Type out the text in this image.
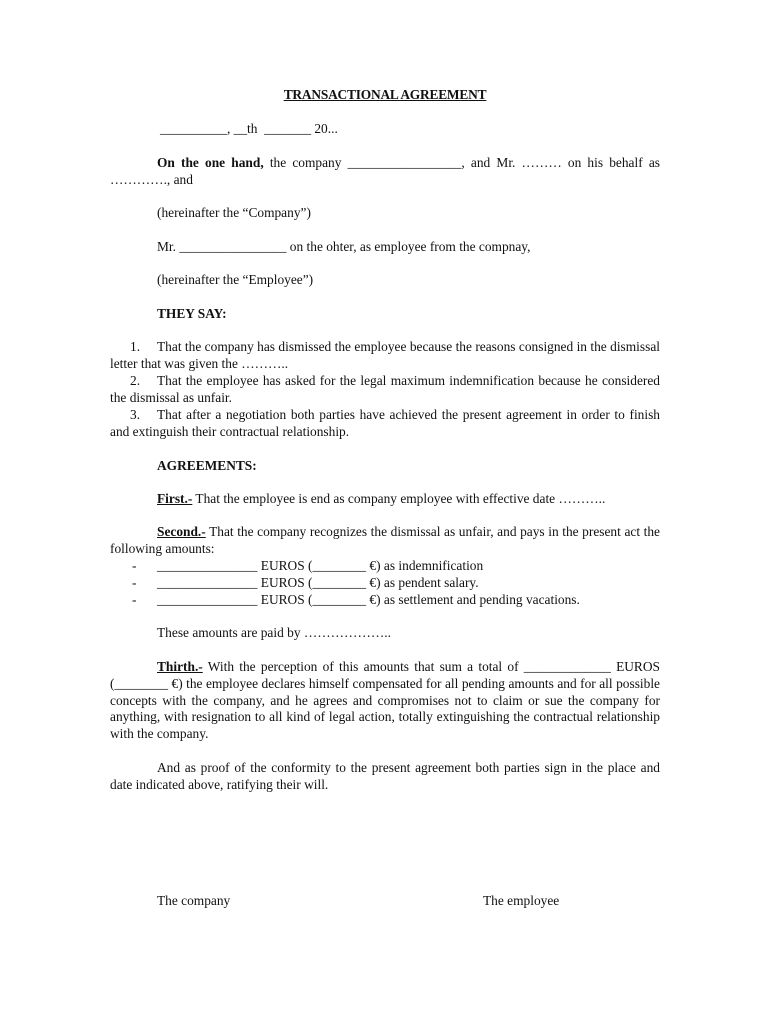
TRANSACTIONAL AGREEMENT
__________, __th  _______ 20...

On the one hand, the company _________________, and Mr. ……… on his behalf as …………., and

(hereinafter the “Company”)
Mr. ________________ on the ohter, as employee from the compnay,
(hereinafter the “Employee”)
THEY SAY:

1. That the company has dismissed the employee because the reasons consigned in the dismissal letter that was given the ………..

2. That the employee has asked for the legal maximum indemnification because he considered the dismissal as unfair.

3. That after a negotiation both parties have achieved the present agreement in order to finish and extinguish their contractual relationship.

AGREEMENTS:

First.- That the employee is end as company employee with effective date ………..

Second.- That the company recognizes the dismissal as unfair, and pays in the present act the following amounts:

- _______________ EUROS (________ €) as indemnification
- _______________ EUROS (________ €) as pendent salary.
- _______________ EUROS (________ €) as settlement and pending vacations.
These amounts are paid by ………………..

Thirth.- With the perception of this amounts that sum a total of _____________ EUROS (________ €) the employee declares himself compensated for all pending amounts and for all possible concepts with the company, and he agrees and compromises not to claim or sue the company for anything, with resignation to all kind of legal action, totally extinguishing the contractual relationship with the company.

And as proof of the conformity to the present agreement both parties sign in the place and date indicated above, ratifying their will.

The company	The employee
